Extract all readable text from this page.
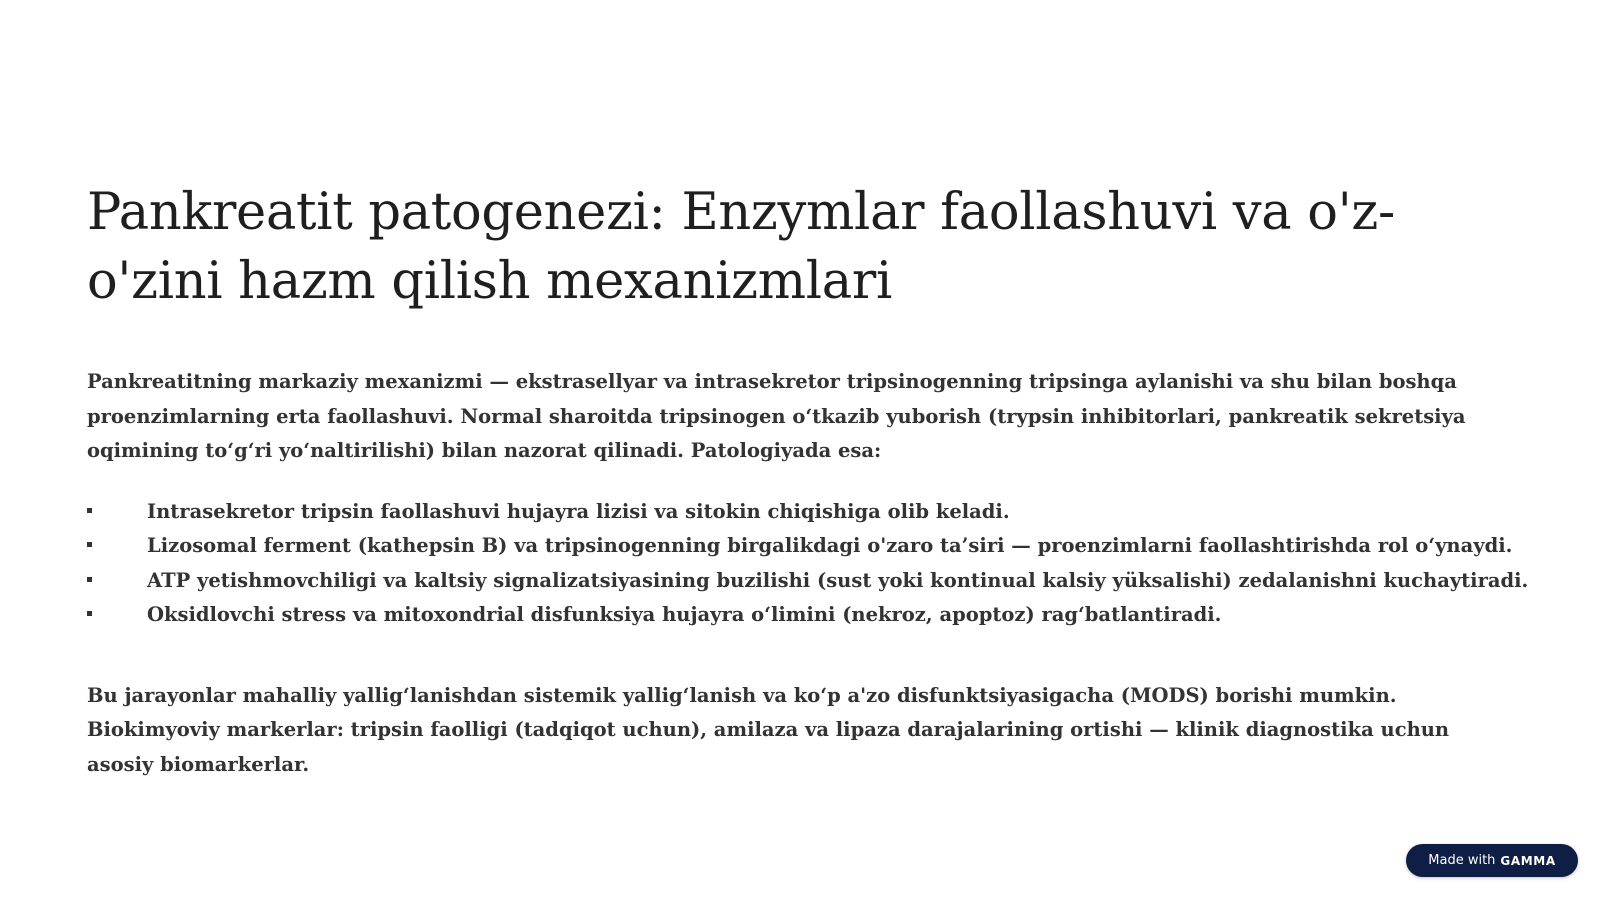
Pankreatit patogenezi: Enzymlar faollashuvi va o'z-o'zini hazm qilish mexanizmlari

Pankreatitning markaziy mexanizmi — ekstrasellyar va intrasekretor tripsinogenning tripsinga aylanishi va shu bilan boshqa proenzimlarning erta faollashuvi. Normal sharoitda tripsinogen o‘tkazib yuborish (trypsin inhibitorlari, pankreatik sekretsiya oqimining to‘g‘ri yo‘naltirilishi) bilan nazorat qilinadi. Patologiyada esa:

Intrasekretor tripsin faollashuvi hujayra lizisi va sitokin chiqishiga olib keladi.
Lizosomal ferment (kathepsin B) va tripsinogenning birgalikdagi o'zaro ta’siri — proenzimlarni faollashtirishda rol o‘ynaydi.
ATP yetishmovchiligi va kaltsiy signalizatsiyasining buzilishi (sust yoki kontinual kalsiy yüksalishi) zedalanishni kuchaytiradi.
Oksidlovchi stress va mitoxondrial disfunksiya hujayra o‘limini (nekroz, apoptoz) rag‘batlantiradi.

Bu jarayonlar mahalliy yallig‘lanishdan sistemik yallig‘lanish va ko‘p a'zo disfunktsiyasigacha (MODS) borishi mumkin. Biokimyoviy markerlar: tripsin faolligi (tadqiqot uchun), amilaza va lipaza darajalarining ortishi — klinik diagnostika uchun asosiy biomarkerlar.

Made with GAMMA
